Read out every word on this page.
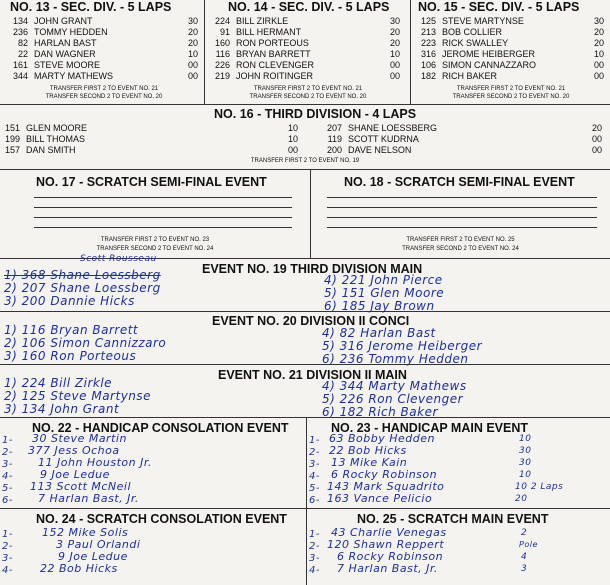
NO. 13 - SEC. DIV. - 5 LAPS
134 JOHN GRANT	30
236 TOMMY HEDDEN	20
82 HARLAN BAST	20
22 DAN WAGNER	10
161 STEVE MOORE	00
344 MARTY MATHEWS	00
TRANSFER FIRST 2 TO EVENT NO. 21
TRANSFER SECOND 2 TO EVENT NO. 20
NO. 14 - SEC. DIV. - 5 LAPS
224 BILL ZIRKLE	30
91 BILL HERMANT	20
160 RON PORTEOUS	20
116 BRYAN BARRETT	10
226 RON CLEVENGER	00
219 JOHN ROITINGER	00
TRANSFER FIRST 2 TO EVENT NO. 21
TRANSFER SECOND 2 TO EVENT NO. 20
NO. 15 - SEC. DIV. - 5 LAPS
125 STEVE MARTYNSE	30
213 BOB COLLIER	20
223 RICK SWALLEY	20
316 JEROME HEIBERGER	10
106 SIMON CANNAZZARO	00
182 RICH BAKER	00
TRANSFER FIRST 2 TO EVENT NO. 21
TRANSFER SECOND 2 TO EVENT NO. 20
NO. 16 - THIRD DIVISION - 4 LAPS
151 GLEN MOORE	10
199 BILL THOMAS	10
157 DAN SMITH	00
207 SHANE LOESSBERG	20
119 SCOTT KUDRNA	00
200 DAVE NELSON	00
TRANSFER FIRST 2 TO EVENT NO. 19
NO. 17 - SCRATCH SEMI-FINAL EVENT
TRANSFER FIRST 2 TO EVENT NO. 23
TRANSFER SECOND 2 TO EVENT NO. 24
NO. 18 - SCRATCH SEMI-FINAL EVENT
TRANSFER FIRST 2 TO EVENT NO. 25
TRANSFER SECOND 2 TO EVENT NO. 24
Scott Rousseau
EVENT NO. 19 THIRD DIVISION MAIN
1) 368 Shane Loessberg
2) 207 Shane Loessberg
3) 200 Dannie Hicks
4) 221 John Pierce
5) 151 Glen Moore
6) 185 Jay Brown
EVENT NO. 20 DIVISION II CONCI
1) 116 Bryan Barrett
2) 106 Simon Cannizzaro
3) 160 Ron Porteous
4) 82 Harlan Bast
5) 316 Jerome Heiberger
6) 236 Tommy Hedden
EVENT NO. 21 DIVISION II MAIN
1) 224 Bill Zirkle
2) 125 Steve Martynse
3) 134 John Grant
4) 344 Marty Mathews
5) 226 Ron Clevenger
6) 182 Rich Baker
NO. 22 - HANDICAP CONSOLATION EVENT
1- 30 Steve Martin
2- 377 Jess Ochoa
3- 11 John Houston Jr.
4- 9 Joe Ledue
5- 113 Scott McNeil
6- 7 Harlan Bast, Jr.
NO. 23 - HANDICAP MAIN EVENT
1- 63 Bobby Hedden	10
2- 22 Bob Hicks	30
3- 13 Mike Kain	30
4- 6 Rocky Robinson	10
5- 143 Mark Squadrito	10 2 Laps
6- 163 Vance Pelicio	20
NO. 24 - SCRATCH CONSOLATION EVENT
1-	152 Mike Solis
2-	3 Paul Orlandi
3-	9 Joe Ledue
4- 22 Bob Hicks
NO. 25 - SCRATCH MAIN EVENT
1- 43 Charlie Venegas	2
2- 120 Shawn Reppert	Pole
3- 6 Rocky Robinson	4
4- 7 Harlan Bast, Jr.	3
